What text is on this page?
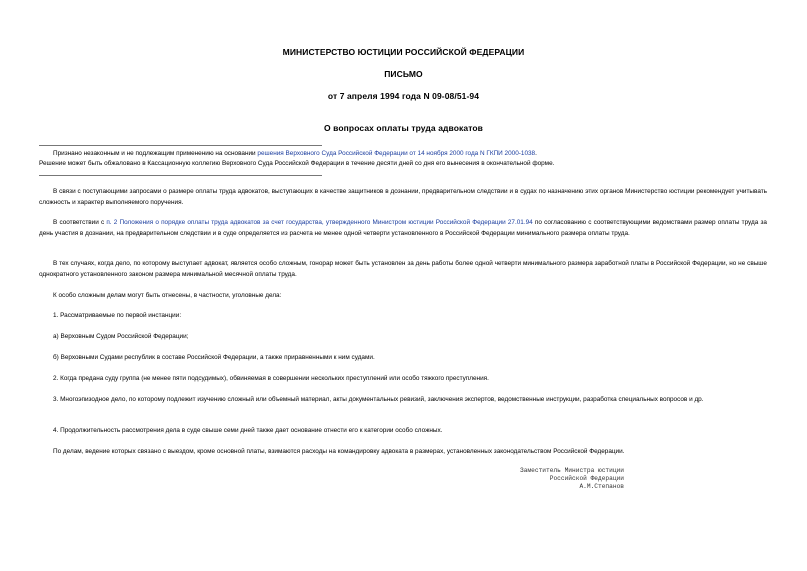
МИНИСТЕРСТВО ЮСТИЦИИ РОССИЙСКОЙ ФЕДЕРАЦИИ
ПИСЬМО
от 7 апреля 1994 года N 09-08/51-94
О вопросах оплаты труда адвокатов
Признано незаконным и не подлежащим применению на основании решения Верховного Суда Российской Федерации от 14 ноября 2000 года N ГКПИ 2000-1038.
Решение может быть обжаловано в Кассационную коллегию Верховного Суда Российской Федерации в течение десяти дней со дня его вынесения в окончательной форме.
В связи с поступающими запросами о размере оплаты труда адвокатов, выступающих в качестве защитников в дознании, предварительном следствии и в судах по назначению этих органов Министерство юстиции рекомендует учитывать сложность и характер выполняемого поручения.
В соответствии с п. 2 Положения о порядке оплаты труда адвокатов за счет государства, утвержденного Министром юстиции Российской Федерации 27.01.94 по согласованию с соответствующими ведомствами размер оплаты труда за день участия в дознании, на предварительном следствии и в суде определяется из расчета не менее одной четверти установленного в Российской Федерации минимального размера оплаты труда.
В тех случаях, когда дело, по которому выступает адвокат, является особо сложным, гонорар может быть установлен за день работы более одной четверти минимального размера заработной платы в Российской Федерации, но не свыше однократного установленного законом размера минимальной месячной оплаты труда.
К особо сложным делам могут быть отнесены, в частности, уголовные дела:
1. Рассматриваемые по первой инстанции:
а) Верховным Судом Российской Федерации;
б) Верховными Судами республик в составе Российской Федерации, а также приравненными к ним судами.
2. Когда предана суду группа (не менее пяти подсудимых), обвиняемая в совершении нескольких преступлений или особо тяжкого преступления.
3. Многоэпизодное дело, по которому подлежит изучению сложный или объемный материал, акты документальных ревизий, заключения экспертов, ведомственные инструкции, разработка специальных вопросов и др.
4. Продолжительность рассмотрения дела в суде свыше семи дней также дает основание отнести его к категории особо сложных.
По делам, ведение которых связано с выездом, кроме основной платы, взимаются расходы на командировку адвоката в размерах, установленных законодательством Российской Федерации.
Заместитель Министра юстиции
Российской Федерации
А.М.Степанов
